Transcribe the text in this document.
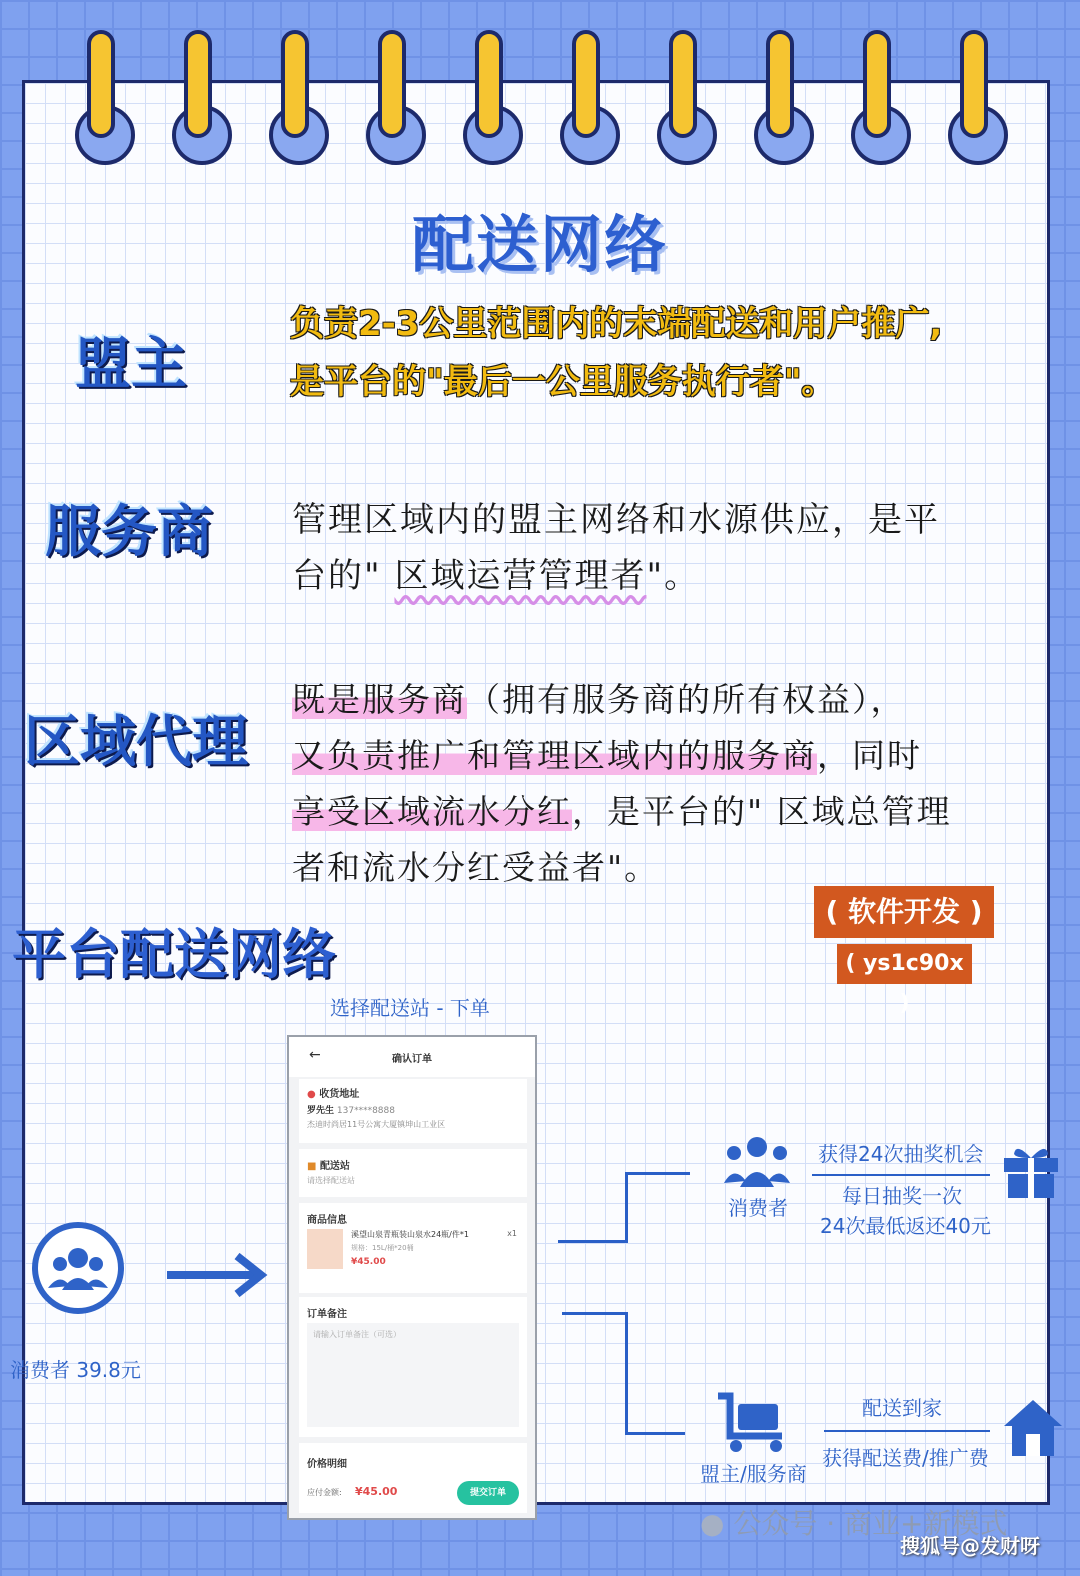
配送网络
盟主
负责2-3公里范围内的末端配送和用户推广,
是平台的"最后一公里服务执行者"。
服务商 管理区域内的盟主网络和水源供应，是平
台的" 区域运营管理者"。
区域代理
既是服务商（拥有服务商的所有权益），
又负责推广和管理区域内的服务商，同时
享受区域流水分红，是平台的" 区域总管理
者和流水分红受益者"。
( 软件开发 )
( ys1c90x )
平台配送网络
选择配送站 - 下单
←	确认订单
● 收货地址
罗先生 137****8888
杰迪时尚居11号公寓大厦镇坤山工业区
■ 配送站
请选择配送站
商品信息
溪望山泉青瓶装山泉水24瓶/件*1
规格：15L/桶*20桶
¥45.00
x1
订单备注
请输入订单备注（可选）
价格明细
应付金额: ¥45.00	提交订单
消费者 39.8元
消费者
获得24次抽奖机会
每日抽奖一次
24次最低返还40元
盟主/服务商
配送到家
获得配送费/推广费
● 公众号 · 商业+新模式
搜狐号@发财呀
